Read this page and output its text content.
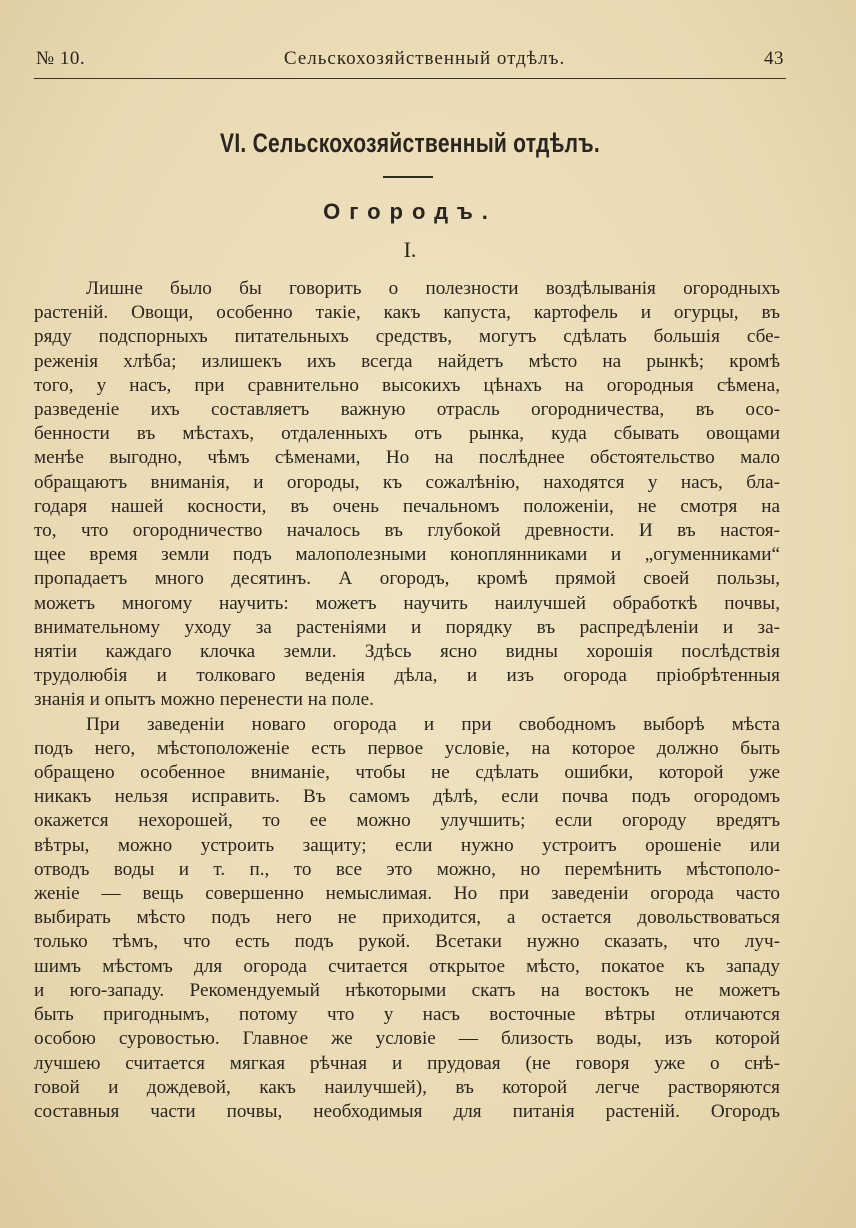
№ 10.	Сельскохозяйственный отдѣлъ.	43
VI. Сельскохозяйственный отдѣлъ.
Огородъ.
I.
Лишне было бы говорить о полезности воздѣлыванія огородныхъ
растеній. Овощи, особенно такіе, какъ капуста, картофель и огурцы, въ
ряду подспорныхъ питательныхъ средствъ, могутъ сдѣлать большія сбе-
реженія хлѣба; излишекъ ихъ всегда найдетъ мѣсто на рынкѣ; кромѣ
того, у насъ, при сравнительно высокихъ цѣнахъ на огородныя сѣмена,
разведеніе ихъ составляетъ важную отрасль огородничества, въ осо-
бенности въ мѣстахъ, отдаленныхъ отъ рынка, куда сбывать овощами
менѣе выгодно, чѣмъ сѣменами, Но на послѣднее обстоятельство мало
обращаютъ вниманія, и огороды, къ сожалѣнію, находятся у насъ, бла-
годаря нашей косности, въ очень печальномъ положеніи, не смотря на
то, что огородничество началось въ глубокой древности. И въ настоя-
щее время земли подъ малополезными коноплянниками и „огуменниками“
пропадаетъ много десятинъ. А огородъ, кромѣ прямой своей пользы,
можетъ многому научить: можетъ научить наилучшей обработкѣ почвы,
внимательному уходу за растеніями и порядку въ распредѣленіи и за-
нятіи каждаго клочка земли. Здѣсь ясно видны хорошія послѣдствія
трудолюбія и толковаго веденія дѣла, и изъ огорода пріобрѣтенныя
знанія и опытъ можно перенести на поле.
При заведеніи новаго огорода и при свободномъ выборѣ мѣста
подъ него, мѣстоположеніе есть первое условіе, на которое должно быть
обращено особенное вниманіе, чтобы не сдѣлать ошибки, которой уже
никакъ нельзя исправить. Въ самомъ дѣлѣ, если почва подъ огородомъ
окажется нехорошей, то ее можно улучшить; если огороду вредятъ
вѣтры, можно устроить защиту; если нужно устроитъ орошеніе или
отводъ воды и т. п., то все это можно, но перемѣнить мѣстополо-
женіе — вещь совершенно немыслимая. Но при заведеніи огорода часто
выбирать мѣсто подъ него не приходится, а остается довольствоваться
только тѣмъ, что есть подъ рукой. Всетаки нужно сказать, что луч-
шимъ мѣстомъ для огорода считается открытое мѣсто, покатое къ западу
и юго-западу. Рекомендуемый нѣкоторыми скатъ на востокъ не можетъ
быть пригоднымъ, потому что у насъ восточные вѣтры отличаются
особою суровостью. Главное же условіе — близость воды, изъ которой
лучшею считается мягкая рѣчная и прудовая (не говоря уже о снѣ-
говой и дождевой, какъ наилучшей), въ которой легче растворяются
составныя части почвы, необходимыя для питанія растеній. Огородъ
